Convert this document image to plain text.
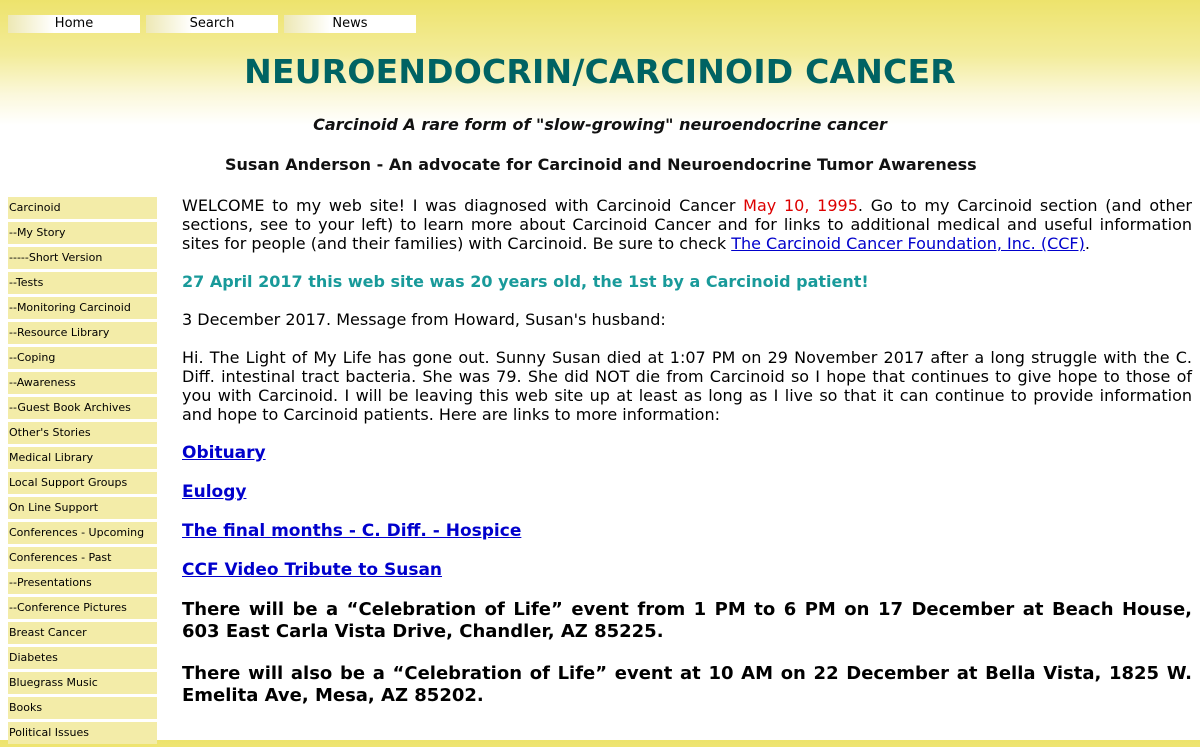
Home	Search	News
NEUROENDOCRIN/CARCINOID CANCER
Carcinoid A rare form of "slow-growing" neuroendocrine cancer
Susan Anderson - An advocate for Carcinoid and Neuroendocrine Tumor Awareness
Carcinoid
--My Story
-----Short Version
--Tests
--Monitoring Carcinoid
--Resource Library
--Coping
--Awareness
--Guest Book Archives
Other's Stories
Medical Library
Local Support Groups
On Line Support
Conferences - Upcoming
Conferences - Past
--Presentations
--Conference Pictures
Breast Cancer
Diabetes
Bluegrass Music
Books
Political Issues

WELCOME to my web site! I was diagnosed with Carcinoid Cancer May 10, 1995. Go to my Carcinoid section (and other sections, see to your left) to learn more about Carcinoid Cancer and for links to additional medical and useful information sites for people (and their families) with Carcinoid. Be sure to check The Carcinoid Cancer Foundation, Inc. (CCF).

27 April 2017 this web site was 20 years old, the 1st by a Carcinoid patient!

3 December 2017. Message from Howard, Susan's husband:

Hi. The Light of My Life has gone out. Sunny Susan died at 1:07 PM on 29 November 2017 after a long struggle with the C. Diff. intestinal tract bacteria. She was 79. She did NOT die from Carcinoid so I hope that continues to give hope to those of you with Carcinoid. I will be leaving this web site up at least as long as I live so that it can continue to provide information and hope to Carcinoid patients. Here are links to more information:

Obituary

Eulogy

The final months - C. Diff. - Hospice

CCF Video Tribute to Susan

There will be a “Celebration of Life” event from 1 PM to 6 PM on 17 December at Beach House, 603 East Carla Vista Drive, Chandler, AZ 85225.

There will also be a “Celebration of Life” event at 10 AM on 22 December at Bella Vista, 1825 W. Emelita Ave, Mesa, AZ 85202.
